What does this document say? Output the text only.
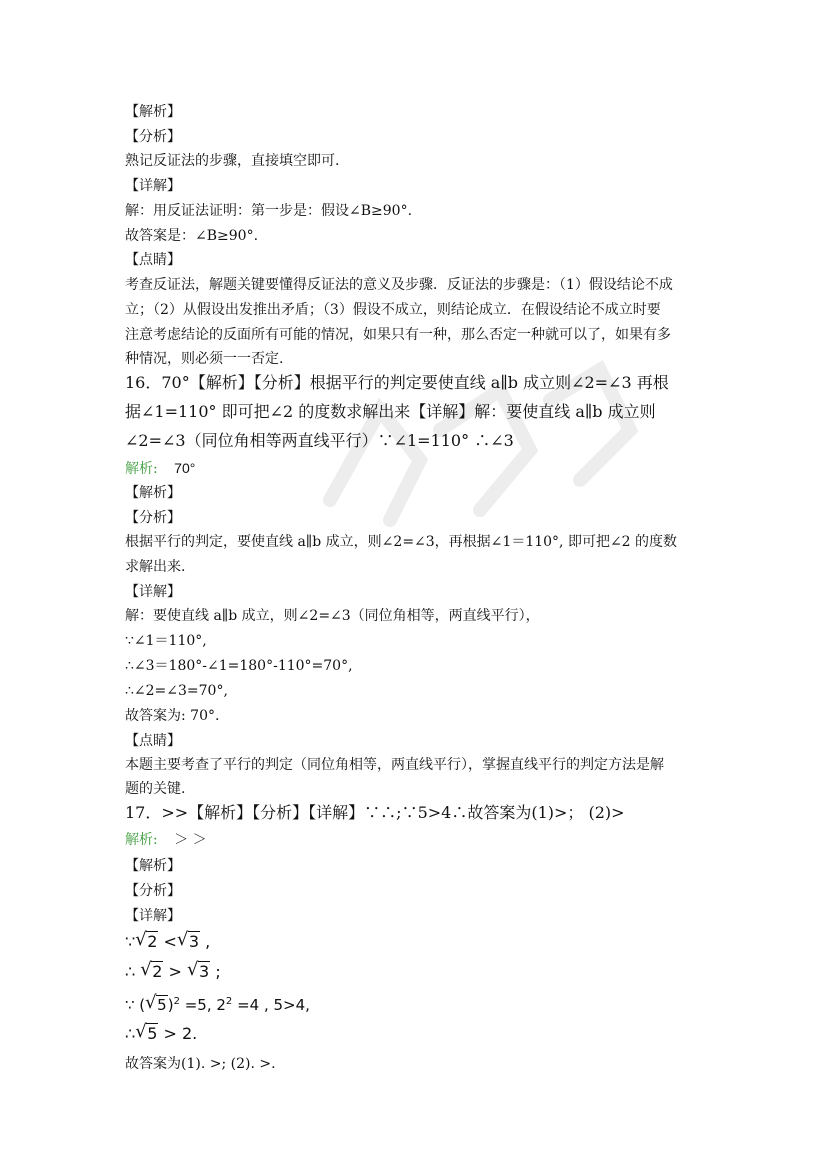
【解析】
【分析】
熟记反证法的步骤，直接填空即可.
【详解】
解：用反证法证明：第一步是：假设∠B≥90°.
故答案是：∠B≥90°.
【点睛】
考查反证法，解题关键要懂得反证法的意义及步骤．反证法的步骤是：（1）假设结论不成
立；（2）从假设出发推出矛盾；（3）假设不成立，则结论成立．在假设结论不成立时要
注意考虑结论的反面所有可能的情况，如果只有一种，那么否定一种就可以了，如果有多
种情况，则必须一一否定.
16．70°【解析】【分析】根据平行的判定要使直线 a∥b 成立则∠2=∠3 再根
据∠1=110° 即可把∠2 的度数求解出来【详解】解：要使直线 a∥b 成立则
∠2=∠3（同位角相等两直线平行）∵∠1=110° ∴∠3
解析: 70°
【解析】
【分析】
根据平行的判定，要使直线 a∥b 成立，则∠2=∠3，再根据∠1＝110°, 即可把∠2 的度数
求解出来.
【详解】
解：要使直线 a∥b 成立，则∠2=∠3（同位角相等，两直线平行），
∵∠1＝110°,
∴∠3＝180°-∠1=180°-110°=70°,
∴∠2=∠3=70°,
故答案为: 70°.
【点睛】
本题主要考查了平行的判定（同位角相等，两直线平行），掌握直线平行的判定方法是解
题的关键.
17．>>【解析】【分析】【详解】∵∴;∵5>4∴故答案为(1)>； (2)>
解析: ＞ ＞
【解析】
【分析】
【详解】
∵ √ 2 < √ 3 ,
∴ √ 2 > √ 3 ;
∵ ( √ 5)$^2$ =5, $2^2 =4$ , 5>4,
∴ √ 5 > 2.
故答案为(1). >; (2). >.
